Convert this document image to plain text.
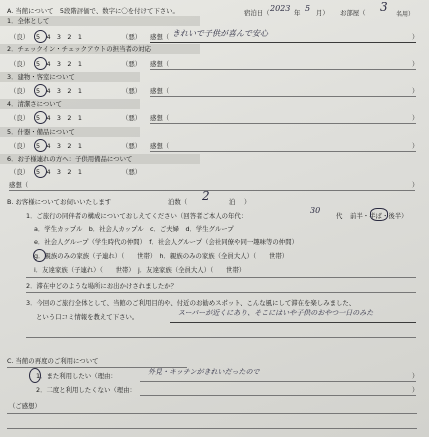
A. 当館について　5段階評価で、数字に〇を付けて下さい。	宿泊日（ 2023 年 5 月） お部屋（ 3
名用）
1．全体として
（良） 5　4　3　2　1	（悪） 感想（ きれいで子供が喜んで安心	）
2．チェックイン・チェックアウトの担当者の対応
（良） 5　4　3　2　1	（悪） 感想（	）
3．建物・客室について
（良） 5　4　3　2　1	（悪） 感想（	）
4．清潔さについて
（良） 5　4　3　2　1	（悪） 感想（	）
5．什器・備品について
（良） 5　4　3　2　1	（悪） 感想（	）
6．お子様連れの方へ：子供用備品について
（良） 5　4　3　2　1	（悪）
感想（	）
B. お客様についてお伺いいたします	泊数（ 2	泊 ）
1．ご旅行の同伴者の構成についておしえてください（回答者ご本人の年代：
30
代 前半・半ば・後半）
a．学生カップル　b．社会人カップル　c．ご夫婦　d．学生グループ
e．社会人グループ（学生時代の仲間）　f．社会人グループ（会社同僚や同一趣味等の仲間）
g．親族のみの家族（子連れ）（　　世帯）　h．親族のみの家族（全員大人）（　　世帯）
i．友達家族（子連れ）（　　世帯）　j．友達家族（全員大人）（　　世帯）
2．滞在中どのような場所にお出かけされましたか？
3．今回のご旅行全体として、当館のご利用目的や、付近のお勧めスポット、こんな風にして滞在を楽しみました、
という口コミ情報を教えて下さい。	スーパーが近くにあり、そこにはいや子供のおやつ一日のみた
C. 当館の再度のご利用について
1．また利用したい（理由：	外見・キッチンがきれいだったので	）
2．二度と利用したくない（理由：	）
（ご感想）
